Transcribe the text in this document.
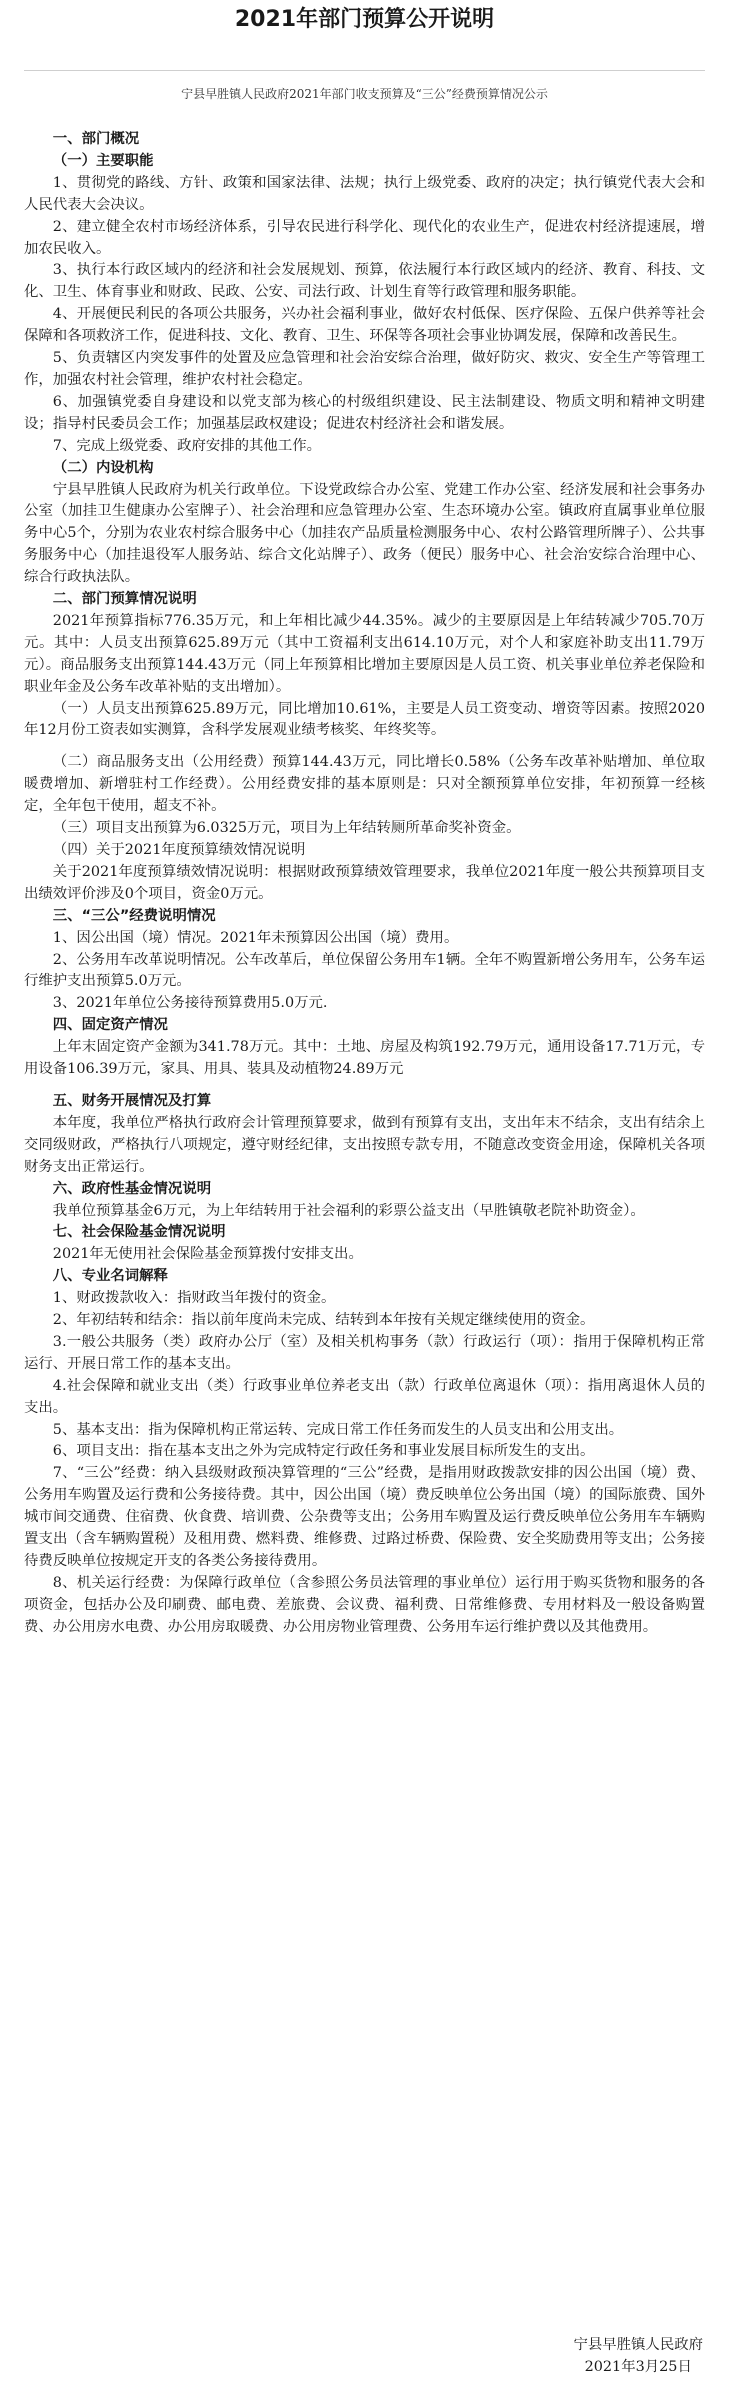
2021年部门预算公开说明
宁县早胜镇人民政府2021年部门收支预算及“三公”经费预算情况公示

一、部门概况

（一）主要职能

1、贯彻党的路线、方针、政策和国家法律、法规；执行上级党委、政府的决定；执行镇党代表大会和人民代表大会决议。

2、建立健全农村市场经济体系，引导农民进行科学化、现代化的农业生产，促进农村经济提速展，增加农民收入。

3、执行本行政区域内的经济和社会发展规划、预算，依法履行本行政区域内的经济、教育、科技、文化、卫生、体育事业和财政、民政、公安、司法行政、计划生育等行政管理和服务职能。

4、开展便民利民的各项公共服务，兴办社会福利事业，做好农村低保、医疗保险、五保户供养等社会保障和各项救济工作，促进科技、文化、教育、卫生、环保等各项社会事业协调发展，保障和改善民生。

5、负责辖区内突发事件的处置及应急管理和社会治安综合治理，做好防灾、救灾、安全生产等管理工作，加强农村社会管理，维护农村社会稳定。

6、加强镇党委自身建设和以党支部为核心的村级组织建设、民主法制建设、物质文明和精神文明建设；指导村民委员会工作；加强基层政权建设；促进农村经济社会和谐发展。

7、完成上级党委、政府安排的其他工作。

（二）内设机构

宁县早胜镇人民政府为机关行政单位。下设党政综合办公室、党建工作办公室、经济发展和社会事务办公室（加挂卫生健康办公室牌子）、社会治理和应急管理办公室、生态环境办公室。镇政府直属事业单位服务中心5个，分别为农业农村综合服务中心（加挂农产品质量检测服务中心、农村公路管理所牌子）、公共事务服务中心（加挂退役军人服务站、综合文化站牌子）、政务（便民）服务中心、社会治安综合治理中心、综合行政执法队。

二、部门预算情况说明

2021年预算指标776.35万元，和上年相比减少44.35%。减少的主要原因是上年结转减少705.70万元。其中：人员支出预算625.89万元（其中工资福利支出614.10万元，对个人和家庭补助支出11.79万元）。商品服务支出预算144.43万元（同上年预算相比增加主要原因是人员工资、机关事业单位养老保险和职业年金及公务车改革补贴的支出增加）。

（一）人员支出预算625.89万元，同比增加10.61%，主要是人员工资变动、增资等因素。按照2020年12月份工资表如实测算，含科学发展观业绩考核奖、年终奖等。

（二）商品服务支出（公用经费）预算144.43万元，同比增长0.58%（公务车改革补贴增加、单位取暖费增加、新增驻村工作经费）。公用经费安排的基本原则是：只对全额预算单位安排，年初预算一经核定，全年包干使用，超支不补。

（三）项目支出预算为6.0325万元，项目为上年结转厕所革命奖补资金。

（四）关于2021年度预算绩效情况说明

关于2021年度预算绩效情况说明：根据财政预算绩效管理要求，我单位2021年度一般公共预算项目支出绩效评价涉及0个项目，资金0万元。

三、“三公”经费说明情况

1、因公出国（境）情况。2021年未预算因公出国（境）费用。

2、公务用车改革说明情况。公车改革后，单位保留公务用车1辆。全年不购置新增公务用车，公务车运行维护支出预算5.0万元。

3、2021年单位公务接待预算费用5.0万元.

四、固定资产情况

上年末固定资产金额为341.78万元。其中：土地、房屋及构筑192.79万元，通用设备17.71万元，专用设备106.39万元，家具、用具、装具及动植物24.89万元

五、财务开展情况及打算

本年度，我单位严格执行政府会计管理预算要求，做到有预算有支出，支出年末不结余，支出有结余上交同级财政，严格执行八项规定，遵守财经纪律，支出按照专款专用，不随意改变资金用途，保障机关各项财务支出正常运行。

六、政府性基金情况说明

我单位预算基金6万元，为上年结转用于社会福利的彩票公益支出（早胜镇敬老院补助资金）。

七、社会保险基金情况说明

2021年无使用社会保险基金预算拨付安排支出。

八、专业名词解释

1、财政拨款收入：指财政当年拨付的资金。

2、年初结转和结余：指以前年度尚未完成、结转到本年按有关规定继续使用的资金。

3.一般公共服务（类）政府办公厅（室）及相关机构事务（款）行政运行（项）：指用于保障机构正常运行、开展日常工作的基本支出。

4.社会保障和就业支出（类）行政事业单位养老支出（款）行政单位离退休（项）：指用离退休人员的支出。

5、基本支出：指为保障机构正常运转、完成日常工作任务而发生的人员支出和公用支出。

6、项目支出：指在基本支出之外为完成特定行政任务和事业发展目标所发生的支出。

7、“三公”经费：纳入县级财政预决算管理的“三公”经费，是指用财政拨款安排的因公出国（境）费、公务用车购置及运行费和公务接待费。其中，因公出国（境）费反映单位公务出国（境）的国际旅费、国外城市间交通费、住宿费、伙食费、培训费、公杂费等支出；公务用车购置及运行费反映单位公务用车车辆购置支出（含车辆购置税）及租用费、燃料费、维修费、过路过桥费、保险费、安全奖励费用等支出；公务接待费反映单位按规定开支的各类公务接待费用。

8、机关运行经费：为保障行政单位（含参照公务员法管理的事业单位）运行用于购买货物和服务的各项资金，包括办公及印刷费、邮电费、差旅费、会议费、福利费、日常维修费、专用材料及一般设备购置费、办公用房水电费、办公用房取暖费、办公用房物业管理费、公务用车运行维护费以及其他费用。

宁县早胜镇人民政府
2021年3月25日
